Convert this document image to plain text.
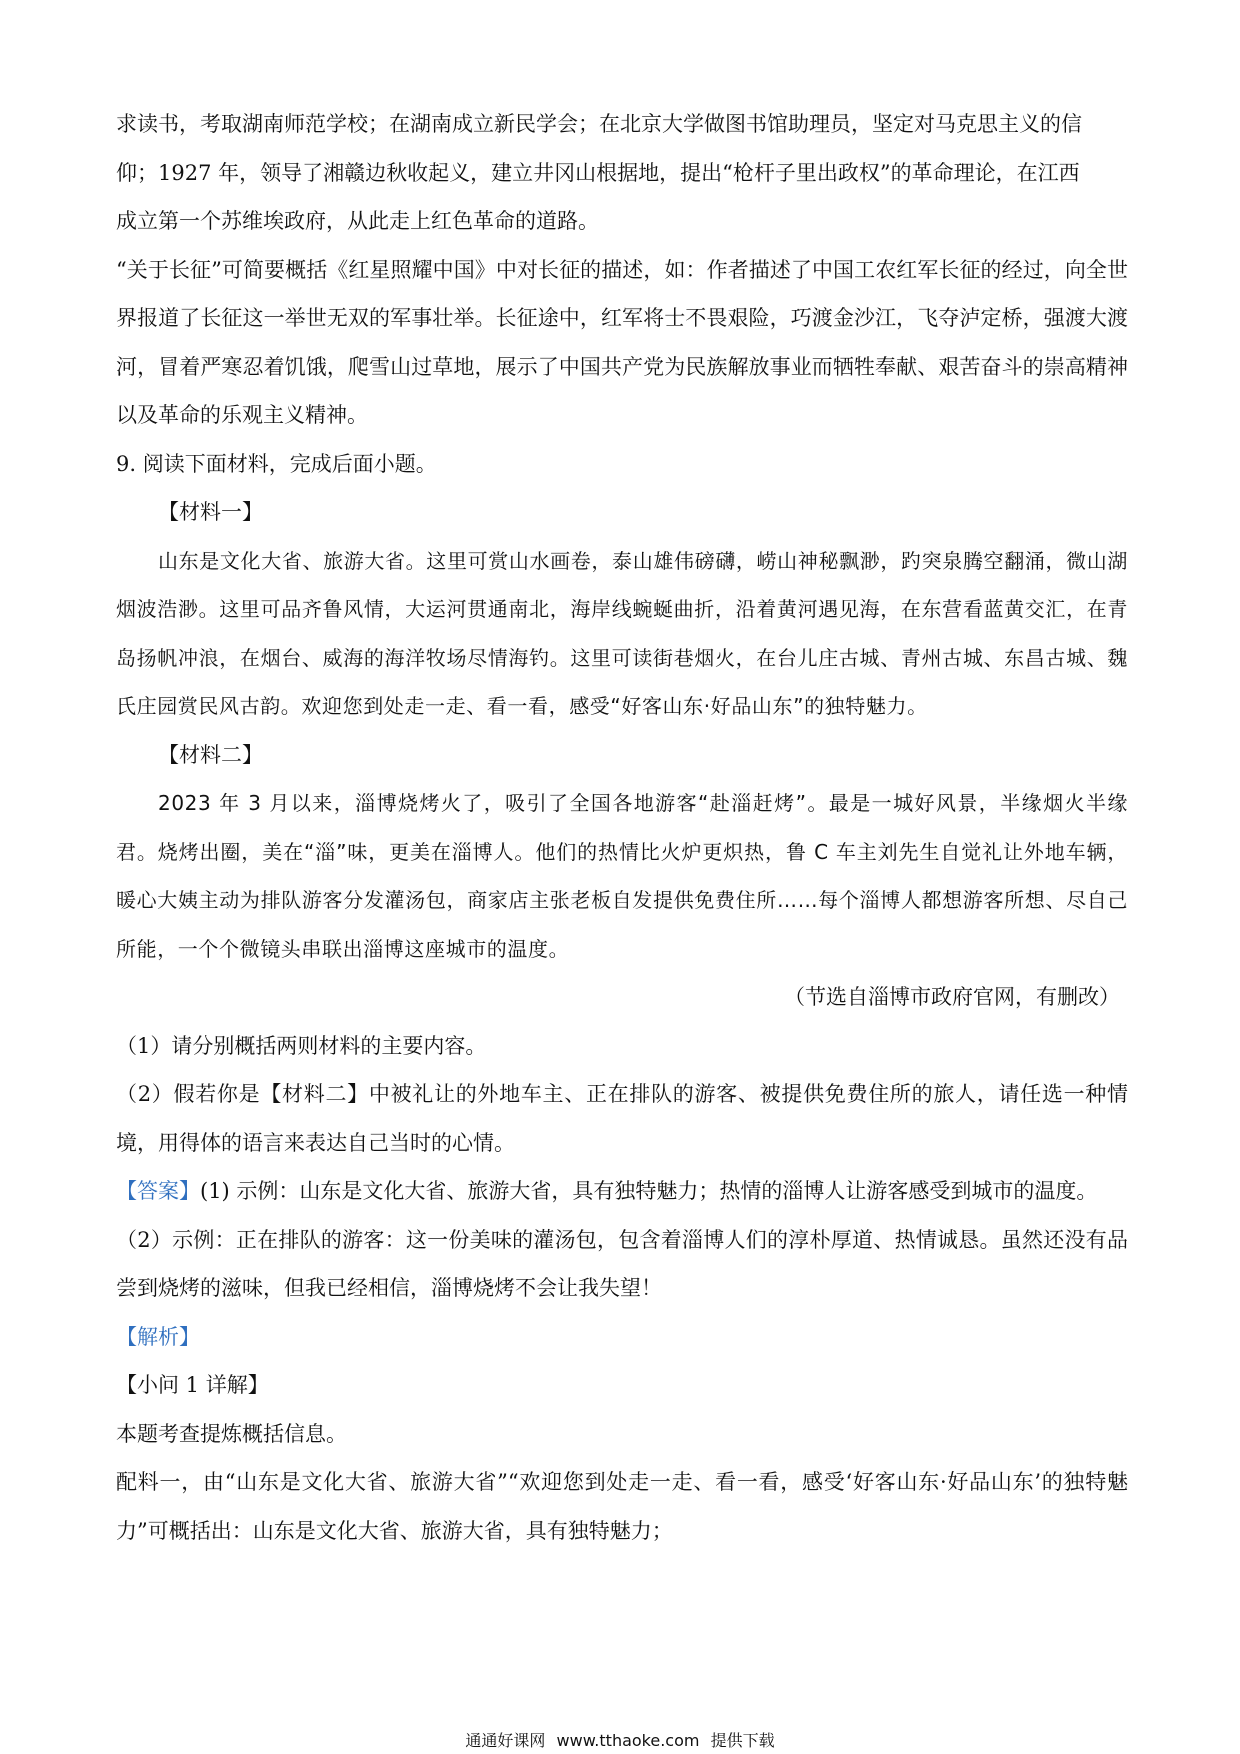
求读书，考取湖南师范学校；在湖南成立新民学会；在北京大学做图书馆助理员，坚定对马克思主义的信

仰；1927 年，领导了湘赣边秋收起义，建立井冈山根据地，提出“枪杆子里出政权”的革命理论，在江西

成立第一个苏维埃政府，从此走上红色革命的道路。

“关于长征”可简要概括《红星照耀中国》中对长征的描述，如：作者描述了中国工农红军长征的经过，向全世界报道了长征这一举世无双的军事壮举。长征途中，红军将士不畏艰险，巧渡金沙江，飞夺泸定桥，强渡大渡河，冒着严寒忍着饥饿，爬雪山过草地，展示了中国共产党为民族解放事业而牺牲奉献、艰苦奋斗的崇高精神以及革命的乐观主义精神。

9. 阅读下面材料，完成后面小题。

【材料一】

山东是文化大省、旅游大省。这里可赏山水画卷，泰山雄伟磅礴，崂山神秘飘渺，趵突泉腾空翻涌，微山湖烟波浩渺。这里可品齐鲁风情，大运河贯通南北，海岸线蜿蜒曲折，沿着黄河遇见海，在东营看蓝黄交汇，在青岛扬帆冲浪，在烟台、威海的海洋牧场尽情海钓。这里可读街巷烟火，在台儿庄古城、青州古城、东昌古城、魏氏庄园赏民风古韵。欢迎您到处走一走、看一看，感受“好客山东·好品山东”的独特魅力。

【材料二】

2023 年 3 月以来，淄博烧烤火了，吸引了全国各地游客“赴淄赶烤”。最是一城好风景，半缘烟火半缘君。烧烤出圈，美在“淄”味，更美在淄博人。他们的热情比火炉更炽热，鲁 C 车主刘先生自觉礼让外地车辆，暖心大姨主动为排队游客分发灌汤包，商家店主张老板自发提供免费住所……每个淄博人都想游客所想、尽自己所能，一个个微镜头串联出淄博这座城市的温度。

（节选自淄博市政府官网，有删改）

（1）请分别概括两则材料的主要内容。

（2）假若你是【材料二】中被礼让的外地车主、正在排队的游客、被提供免费住所的旅人，请任选一种情境，用得体的语言来表达自己当时的心情。

【答案】(1) 示例：山东是文化大省、旅游大省，具有独特魅力；热情的淄博人让游客感受到城市的温度。

（2）示例：正在排队的游客：这一份美味的灌汤包，包含着淄博人们的淳朴厚道、热情诚恳。虽然还没有品尝到烧烤的滋味，但我已经相信，淄博烧烤不会让我失望！

【解析】

【小问 1 详解】

本题考查提炼概括信息。

配料一，由“山东是文化大省、旅游大省”“欢迎您到处走一走、看一看，感受‘好客山东·好品山东’的独特魅力”可概括出：山东是文化大省、旅游大省，具有独特魅力；

通通好课网 www.tthaoke.com 提供下载
